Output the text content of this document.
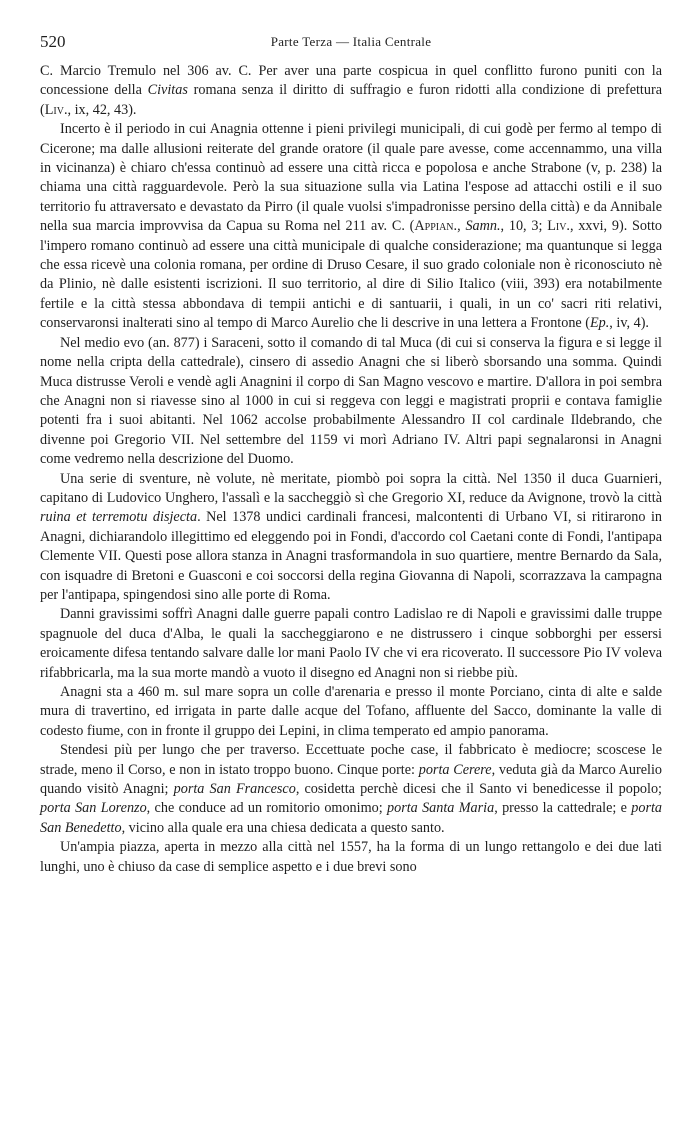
520	Parte Terza — Italia Centrale

C. Marcio Tremulo nel 306 av. C. Per aver una parte cospicua in quel conflitto furono puniti con la concessione della Civitas romana senza il diritto di suffragio e furon ridotti alla condizione di prefettura (Liv., ix, 42, 43).

Incerto è il periodo in cui Anagnia ottenne i pieni privilegi municipali, di cui godè per fermo al tempo di Cicerone; ma dalle allusioni reiterate del grande oratore (il quale pare avesse, come accennammo, una villa in vicinanza) è chiaro ch'essa continuò ad essere una città ricca e popolosa e anche Strabone (v, p. 238) la chiama una città ragguardevole. Però la sua situazione sulla via Latina l'espose ad attacchi ostili e il suo territorio fu attraversato e devastato da Pirro (il quale vuolsi s'impadronisse persino della città) e da Annibale nella sua marcia improvvisa da Capua su Roma nel 211 av. C. (Appian., Samn., 10, 3; Liv., xxvi, 9). Sotto l'impero romano continuò ad essere una città municipale di qualche considerazione; ma quantunque si legga che essa ricevè una colonia romana, per ordine di Druso Cesare, il suo grado coloniale non è riconosciuto nè da Plinio, nè dalle esistenti iscrizioni. Il suo territorio, al dire di Silio Italico (viii, 393) era notabilmente fertile e la città stessa abbondava di tempii antichi e di santuarii, i quali, in un co' sacri riti relativi, conservaronsi inalterati sino al tempo di Marco Aurelio che li descrive in una lettera a Frontone (Ep., iv, 4).

Nel medio evo (an. 877) i Saraceni, sotto il comando di tal Muca (di cui si conserva la figura e si legge il nome nella cripta della cattedrale), cinsero di assedio Anagni che si liberò sborsando una somma. Quindi Muca distrusse Veroli e vendè agli Anagnini il corpo di San Magno vescovo e martire. D'allora in poi sembra che Anagni non si riavesse sino al 1000 in cui si reggeva con leggi e magistrati proprii e contava famiglie potenti fra i suoi abitanti. Nel 1062 accolse probabilmente Alessandro II col cardinale Ildebrando, che divenne poi Gregorio VII. Nel settembre del 1159 vi morì Adriano IV. Altri papi segnalaronsi in Anagni come vedremo nella descrizione del Duomo.

Una serie di sventure, nè volute, nè meritate, piombò poi sopra la città. Nel 1350 il duca Guarnieri, capitano di Ludovico Unghero, l'assalì e la saccheggiò sì che Gregorio XI, reduce da Avignone, trovò la città ruina et terremotu disjecta. Nel 1378 undici cardinali francesi, malcontenti di Urbano VI, si ritirarono in Anagni, dichiarandolo illegittimo ed eleggendo poi in Fondi, d'accordo col Caetani conte di Fondi, l'antipapa Clemente VII. Questi pose allora stanza in Anagni trasformandola in suo quartiere, mentre Bernardo da Sala, con isquadre di Bretoni e Guasconi e coi soccorsi della regina Giovanna di Napoli, scorrazzava la campagna per l'antipapa, spingendosi sino alle porte di Roma.

Danni gravissimi soffrì Anagni dalle guerre papali contro Ladislao re di Napoli e gravissimi dalle truppe spagnuole del duca d'Alba, le quali la saccheggiarono e ne distrussero i cinque sobborghi per essersi eroicamente difesa tentando salvare dalle lor mani Paolo IV che vi era ricoverato. Il successore Pio IV voleva rifabbricarla, ma la sua morte mandò a vuoto il disegno ed Anagni non si riebbe più.

Anagni sta a 460 m. sul mare sopra un colle d'arenaria e presso il monte Porciano, cinta di alte e salde mura di travertino, ed irrigata in parte dalle acque del Tofano, affluente del Sacco, dominante la valle di codesto fiume, con in fronte il gruppo dei Lepini, in clima temperato ed ampio panorama.

Stendesi più per lungo che per traverso. Eccettuate poche case, il fabbricato è mediocre; scoscese le strade, meno il Corso, e non in istato troppo buono. Cinque porte: porta Cerere, veduta già da Marco Aurelio quando visitò Anagni; porta San Francesco, cosidetta perchè dicesi che il Santo vi benedicesse il popolo; porta San Lorenzo, che conduce ad un romitorio omonimo; porta Santa Maria, presso la cattedrale; e porta San Benedetto, vicino alla quale era una chiesa dedicata a questo santo.

Un'ampia piazza, aperta in mezzo alla città nel 1557, ha la forma di un lungo rettangolo e dei due lati lunghi, uno è chiuso da case di semplice aspetto e i due brevi sono
